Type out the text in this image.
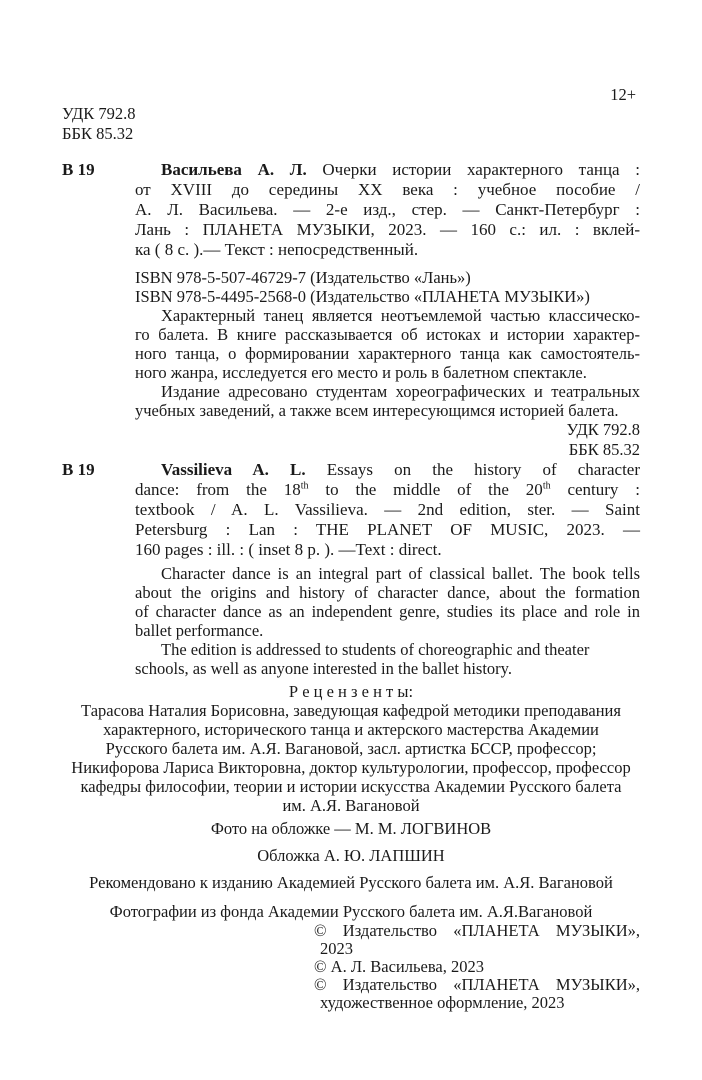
12+
УДК 792.8
ББК 85.32
В 19	Васильева А. Л. Очерки истории характерного танца :
от XVIII до середины XX века : учебное пособие /
А. Л. Васильева. — 2-е изд., стер. — Санкт-Петербург :
Лань : ПЛАНЕТА МУЗЫКИ, 2023. — 160 с.: ил. : вклей-
ка ( 8 с. ).— Текст : непосредственный.
ISBN 978-5-507-46729-7 (Издательство «Лань»)
ISBN 978-5-4495-2568-0 (Издательство «ПЛАНЕТА МУЗЫКИ»)
Характерный танец является неотъемлемой частью классическо-
го балета. В книге рассказывается об истоках и истории характер-
ного танца, о формировании характерного танца как самостоятель-
ного жанра, исследуется его место и роль в балетном спектакле.
Издание адресовано студентам хореографических и театральных
учебных заведений, а также всем интересующимся историей балета.
УДК 792.8
ББК 85.32
В 19	Vassilieva A. L. Essays on the history of character
dance: from the 18th to the middle of the 20th century :
textbook / A. L. Vassilieva. — 2nd edition, ster. — Saint
Petersburg : Lan : THE PLANET OF MUSIC, 2023. —
160 pages : ill. : ( inset 8 p. ). —Text : direct.
Character dance is an integral part of classical ballet. The book tells
about the origins and history of character dance, about the formation
of character dance as an independent genre, studies its place and role in
ballet performance.
The edition is addressed to students of choreographic and theater
schools, as well as anyone interested in the ballet history.
Р е ц е н з е н т ы:
Тарасова Наталия Борисовна, заведующая кафедрой методики преподавания
характерного, исторического танца и актерского мастерства Академии
Русского балета им. А.Я. Вагановой, засл. артистка БССР, профессор;
Никифорова Лариса Викторовна, доктор культурологии, профессор, профессор
кафедры философии, теории и истории искусства Академии Русского балета
им. А.Я. Вагановой
Фото на обложке — М. М. ЛОГВИНОВ
Обложка А. Ю. ЛАПШИН
Рекомендовано к изданию Академией Русского балета им. А.Я. Вагановой
Фотографии из фонда Академии Русского балета им. А.Я.Вагановой
© Издательство «ПЛАНЕТА МУЗЫКИ»,
2023
© А. Л. Васильева, 2023
© Издательство «ПЛАНЕТА МУЗЫКИ»,
художественное оформление, 2023
